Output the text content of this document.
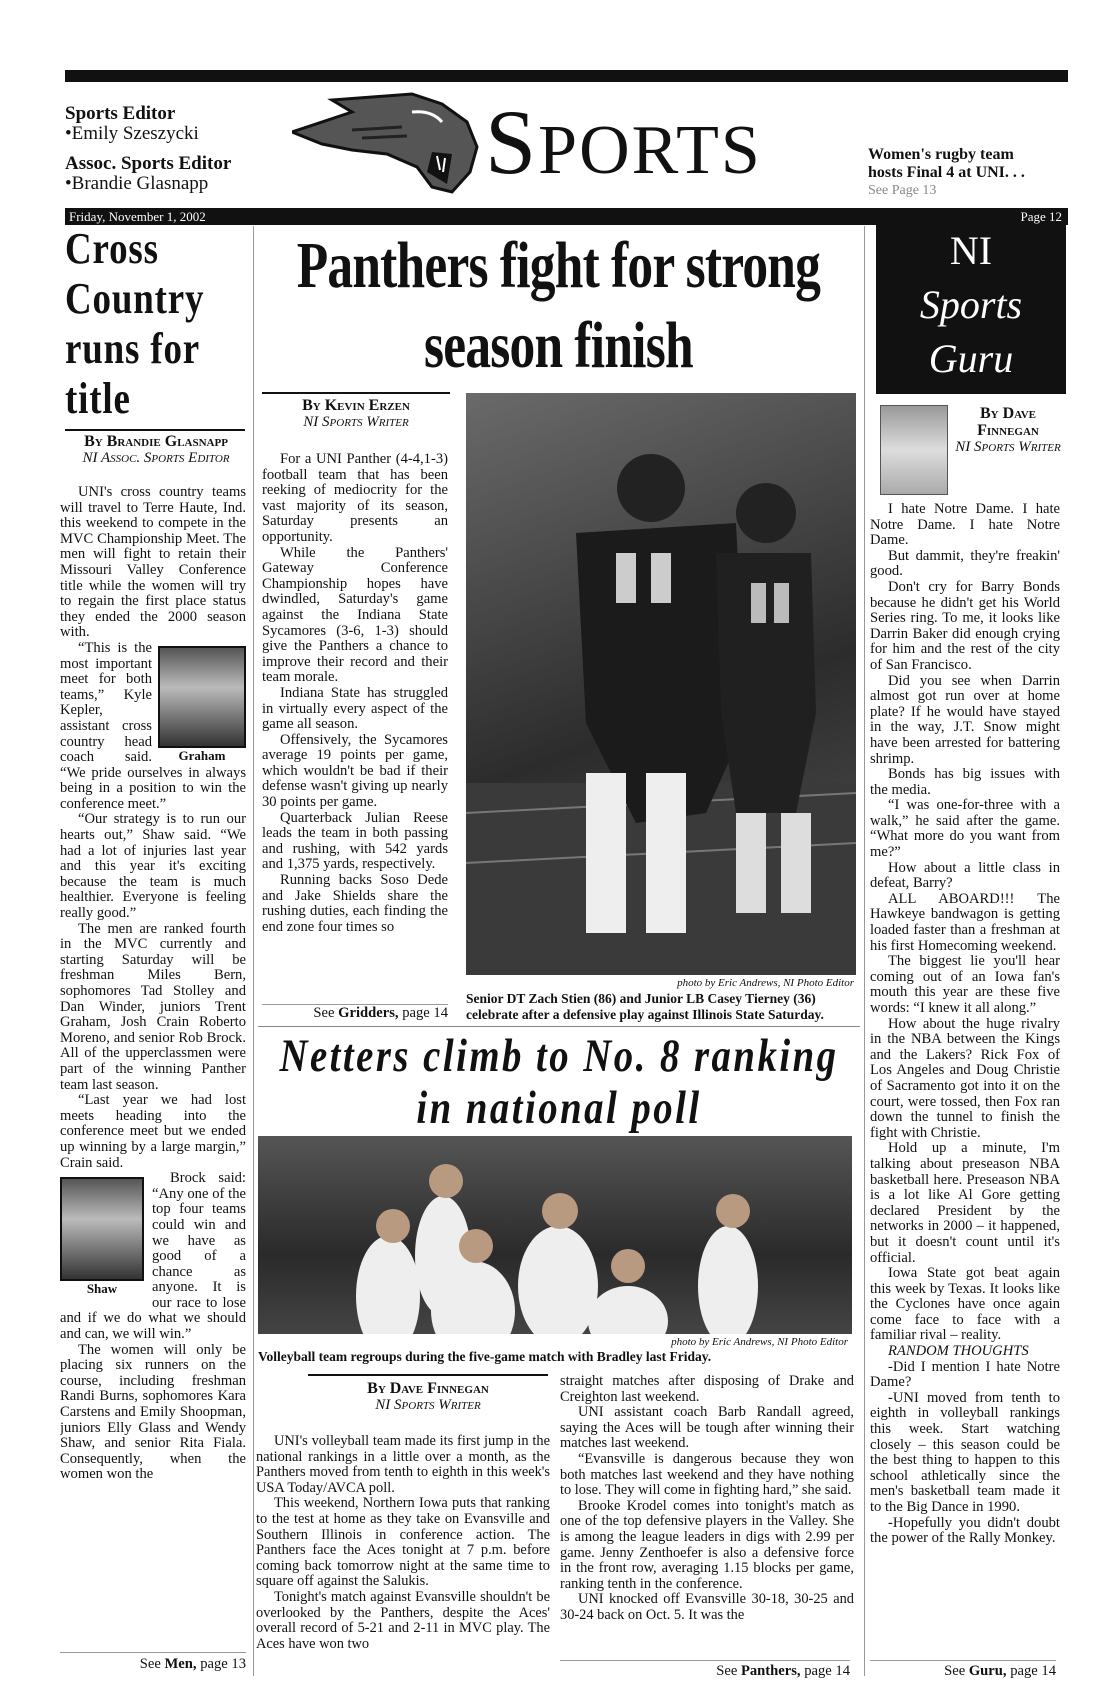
Sports Editor
•Emily Szeszycki
Assoc. Sports Editor
•Brandie Glasnapp	SPORTS	Women's rugby team
hosts Final 4 at UNI. . .
See Page 13
Friday, November 1, 2002	Page 12
Cross Country runs for title
By Brandie Glasnapp
NI Assoc. Sports Editor

UNI's cross country teams will travel to Terre Haute, Ind. this weekend to compete in the MVC Championship Meet. The men will fight to retain their Missouri Valley Conference title while the women will try to regain the first place status they ended the 2000 season with.

Graham

“This is the most important meet for both teams,” Kyle Kepler, assistant cross country head coach said. “We pride ourselves in always being in a position to win the conference meet.”

“Our strategy is to run our hearts out,” Shaw said. “We had a lot of injuries last year and this year it's exciting because the team is much healthier. Everyone is feeling really good.”

The men are ranked fourth in the MVC currently and starting Saturday will be freshman Miles Bern, sophomores Tad Stolley and Dan Winder, juniors Trent Graham, Josh Crain Roberto Moreno, and senior Rob Brock. All of the upperclassmen were part of the winning Panther team last season.

“Last year we had lost meets heading into the conference meet but we ended up winning by a large margin,” Crain said.

Shaw

Brock said: “Any one of the top four teams could win and we have as good of a chance as anyone. It is our race to lose and if we do what we should and can, we will win.”

The women will only be placing six runners on the course, including freshman Randi Burns, sophomores Kara Carstens and Emily Shoopman, juniors Elly Glass and Wendy Shaw, and senior Rita Fiala. Consequently, when the women won the

See Men, page 13
Panthers fight for strong season finish
By Kevin Erzen
NI Sports Writer

For a UNI Panther (4-4,1-3) football team that has been reeking of mediocrity for the vast majority of its season, Saturday presents an opportunity.

While the Panthers' Gateway Conference Championship hopes have dwindled, Saturday's game against the Indiana State Sycamores (3-6, 1-3) should give the Panthers a chance to improve their record and their team morale.

Indiana State has struggled in virtually every aspect of the game all season.

Offensively, the Sycamores average 19 points per game, which wouldn't be bad if their defense wasn't giving up nearly 30 points per game.

Quarterback Julian Reese leads the team in both passing and rushing, with 542 yards and 1,375 yards, respectively.

Running backs Soso Dede and Jake Shields share the rushing duties, each finding the end zone four times so

See Gridders, page 14
photo by Eric Andrews, NI Photo Editor
Senior DT Zach Stien (86) and Junior LB Casey Tierney (36) celebrate after a defensive play against Illinois State Saturday.
Netters climb to No. 8 ranking in national poll
photo by Eric Andrews, NI Photo Editor
Volleyball team regroups during the five-game match with Bradley last Friday.
By Dave Finnegan
NI Sports Writer

UNI's volleyball team made its first jump in the national rankings in a little over a month, as the Panthers moved from tenth to eighth in this week's USA Today/AVCA poll.

This weekend, Northern Iowa puts that ranking to the test at home as they take on Evansville and Southern Illinois in conference action. The Panthers face the Aces tonight at 7 p.m. before coming back tomorrow night at the same time to square off against the Salukis.

Tonight's match against Evansville shouldn't be overlooked by the Panthers, despite the Aces' overall record of 5-21 and 2-11 in MVC play. The Aces have won two

straight matches after disposing of Drake and Creighton last weekend.

UNI assistant coach Barb Randall agreed, saying the Aces will be tough after winning their matches last weekend.

“Evansville is dangerous because they won both matches last weekend and they have nothing to lose. They will come in fighting hard,” she said.

Brooke Krodel comes into tonight's match as one of the top defensive players in the Valley. She is among the league leaders in digs with 2.99 per game. Jenny Zenthoefer is also a defensive force in the front row, averaging 1.15 blocks per game, ranking tenth in the conference.

UNI knocked off Evansville 30-18, 30-25 and 30-24 back on Oct. 5. It was the

See Panthers, page 14
NI
Sports
Guru
By Dave Finnegan
NI Sports Writer

I hate Notre Dame. I hate Notre Dame. I hate Notre Dame.

But dammit, they're freakin' good.

Don't cry for Barry Bonds because he didn't get his World Series ring. To me, it looks like Darrin Baker did enough crying for him and the rest of the city of San Francisco.

Did you see when Darrin almost got run over at home plate? If he would have stayed in the way, J.T. Snow might have been arrested for battering shrimp.

Bonds has big issues with the media.

“I was one-for-three with a walk,” he said after the game. “What more do you want from me?”

How about a little class in defeat, Barry?

ALL ABOARD!!! The Hawkeye bandwagon is getting loaded faster than a freshman at his first Homecoming weekend.

The biggest lie you'll hear coming out of an Iowa fan's mouth this year are these five words: “I knew it all along.”

How about the huge rivalry in the NBA between the Kings and the Lakers? Rick Fox of Los Angeles and Doug Christie of Sacramento got into it on the court, were tossed, then Fox ran down the tunnel to finish the fight with Christie.

Hold up a minute, I'm talking about preseason NBA basketball here. Preseason NBA is a lot like Al Gore getting declared President by the networks in 2000 – it happened, but it doesn't count until it's official.

Iowa State got beat again this week by Texas. It looks like the Cyclones have once again come face to face with a familiar rival – reality.

RANDOM THOUGHTS

-Did I mention I hate Notre Dame?

-UNI moved from tenth to eighth in volleyball rankings this week. Start watching closely – this season could be the best thing to happen to this school athletically since the men's basketball team made it to the Big Dance in 1990.

-Hopefully you didn't doubt the power of the Rally Monkey.

See Guru, page 14
